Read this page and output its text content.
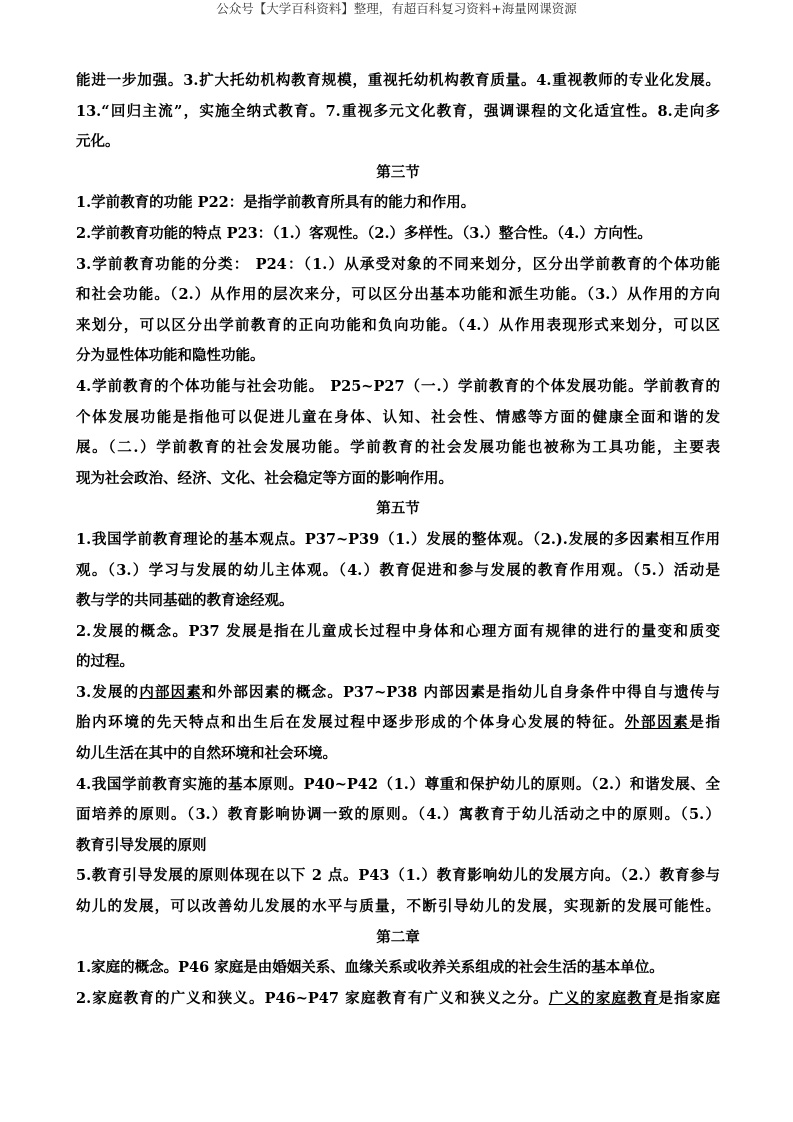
公众号【大学百科资料】整理，有超百科复习资料+海量网课资源
能进一步加强。3.扩大托幼机构教育规模，重视托幼机构教育质量。4.重视教师的专业化发展。
13.“回归主流”，实施全纳式教育。7.重视多元文化教育，强调课程的文化适宜性。8.走向多
元化。
第三节
1.学前教育的功能 P22：是指学前教育所具有的能力和作用。
2.学前教育功能的特点 P23：（1.）客观性。（2.）多样性。（3.）整合性。（4.）方向性。
3.学前教育功能的分类： P24：（1.）从承受对象的不同来划分，区分出学前教育的个体功能
和社会功能。（2.）从作用的层次来分，可以区分出基本功能和派生功能。（3.）从作用的方向
来划分，可以区分出学前教育的正向功能和负向功能。（4.）从作用表现形式来划分，可以区
分为显性体功能和隐性功能。
4.学前教育的个体功能与社会功能。 P25~P27（一.）学前教育的个体发展功能。学前教育的
个体发展功能是指他可以促进儿童在身体、认知、社会性、情感等方面的健康全面和谐的发
展。（二.）学前教育的社会发展功能。学前教育的社会发展功能也被称为工具功能，主要表
现为社会政治、经济、文化、社会稳定等方面的影响作用。
第五节
1.我国学前教育理论的基本观点。P37~P39（1.）发展的整体观。（2.).发展的多因素相互作用
观。（3.）学习与发展的幼儿主体观。（4.）教育促进和参与发展的教育作用观。（5.）活动是
教与学的共同基础的教育途经观。
2.发展的概念。P37 发展是指在儿童成长过程中身体和心理方面有规律的进行的量变和质变
的过程。
3.发展的内部因素和外部因素的概念。P37~P38 内部因素是指幼儿自身条件中得自与遗传与
胎内环境的先天特点和出生后在发展过程中逐步形成的个体身心发展的特征。外部因素是指
幼儿生活在其中的自然环境和社会环境。
4.我国学前教育实施的基本原则。P40~P42（1.）尊重和保护幼儿的原则。（2.）和谐发展、全
面培养的原则。（3.）教育影响协调一致的原则。（4.）寓教育于幼儿活动之中的原则。（5.）
教育引导发展的原则
5.教育引导发展的原则体现在以下 2 点。P43（1.）教育影响幼儿的发展方向。（2.）教育参与
幼儿的发展，可以改善幼儿发展的水平与质量，不断引导幼儿的发展，实现新的发展可能性。
第二章
1.家庭的概念。P46 家庭是由婚姻关系、血缘关系或收养关系组成的社会生活的基本单位。
2.家庭教育的广义和狭义。P46~P47 家庭教育有广义和狭义之分。广义的家庭教育是指家庭
